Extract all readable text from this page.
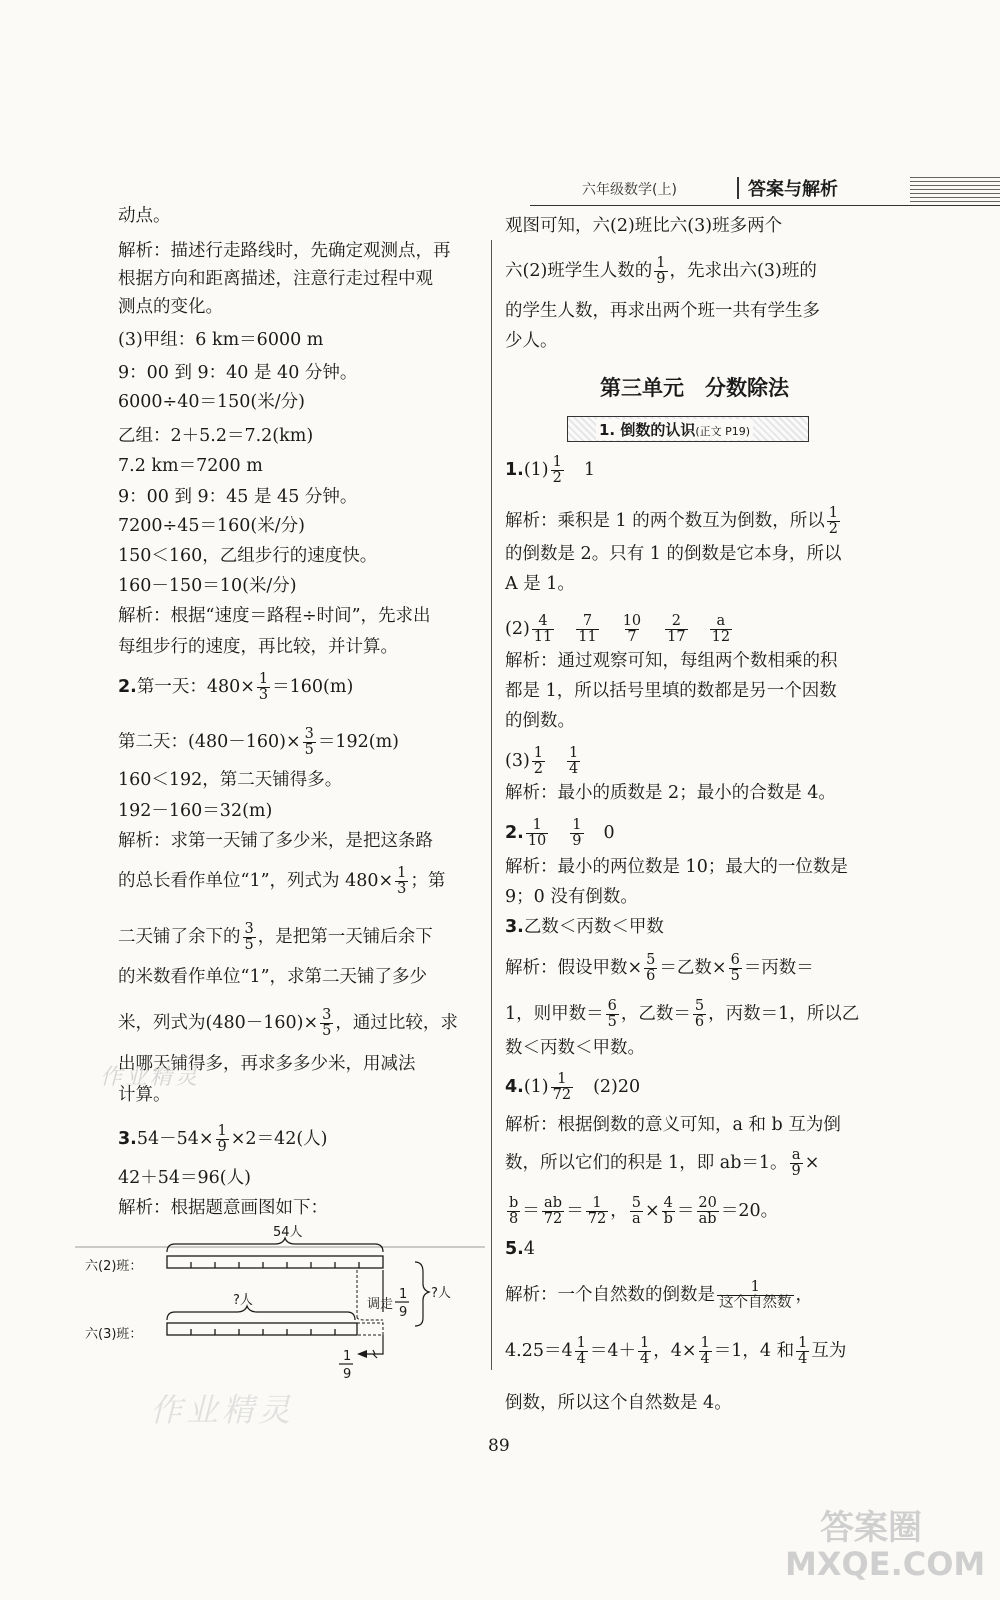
六年级数学(上)	答案与解析
动点。
解析：描述行走路线时，先确定观测点，再
根据方向和距离描述，注意行走过程中观
测点的变化。
(3)甲组：6 km＝6000 m
9：00 到 9：40 是 40 分钟。
6000÷40＝150(米/分)
乙组：2＋5.2＝7.2(km)
7.2 km＝7200 m
9：00 到 9：45 是 45 分钟。
7200÷45＝160(米/分)
150＜160，乙组步行的速度快。
160－150＝10(米/分)
解析：根据“速度＝路程÷时间”，先求出
每组步行的速度，再比较，并计算。
2.第一天：$480\times \frac{1}{3} =160(m)$
第二天：$(480-160)\times \frac{3}{5} =192(m)$
160＜192，第二天铺得多。
192－160＝32(m)
解析：求第一天铺了多少米，是把这条路
的总长看作单位“1”，列式为 $480\times \frac{1}{3}$ ；第
二天铺了余下的 $\frac{3}{5}$ ，是把第一天铺后余下
的米数看作单位“1”，求第二天铺了多少
米，列式为$(480-160)\times \frac{3}{5}$ ，通过比较，求
出哪天铺得多，再求多多少米，用减法
计算。
$3.54-54\times \frac{1}{9} \times 2=42$(人)
42＋54＝96(人)
解析：根据题意画图如下：
六(2)班：
六(3)班：
54人
?人	调走
1
9
?人
1
9
观图可知，六(2)班比六(3)班多两个
六(2)班学生人数的 $\frac{1}{9}$ ，先求出六(3)班的
的学生人数，再求出两个班一共有学生多
少人。
第三单元　分数除法
1. 倒数的认识(正文 P19)
$1.(1) \frac{1}{2} 1$
解析：乘积是 1 的两个数互为倒数，所以 $\frac{1}{2}$
的倒数是 2。只有 1 的倒数是它本身，所以
A 是 1。
$(2) \frac{4}{11} \frac{7}{11} \frac{10}{7} \frac{2}{17} \frac{a}{12}$
解析：通过观察可知，每组两个数相乘的积
都是 1，所以括号里填的数都是另一个因数
的倒数。
$(3) \frac{1}{2} \frac{1}{4}$
解析：最小的质数是 2；最小的合数是 4。
2. $\frac{1}{10} \frac{1}{9} 0$
解析：最小的两位数是 10；最大的一位数是
9；0 没有倒数。
3.乙数＜丙数＜甲数
解析：假设甲数× $\frac{5}{6}$ ＝乙数× $\frac{6}{5}$ ＝丙数＝
1，则甲数＝ $\frac{6}{5}$ ，乙数＝ $\frac{5}{6}$ ，丙数＝1，所以乙
数＜丙数＜甲数。
$4.(1) \frac{1}{72} (2)20$
解析：根据倒数的意义可知，a 和 b 互为倒
数，所以它们的积是 1，即 ab＝1。 $\frac{a}{9}$ ×
$\frac{b}{8} = \frac{ab}{72} = \frac{1}{72}$ ， $\frac{5}{a} \times \frac{4}{b} = \frac{20}{ab} =20$。
5.4
解析：一个自然数的倒数是 1
这个自然数 ，
$4.25=4 \frac{1}{4} =4+ \frac{1}{4}$ ，$4\times \frac{1}{4} =1$，4 和 $\frac{1}{4}$ 互为
倒数，所以这个自然数是 4。
89
作业精灵
作业精灵
答案圈
MXQE.COM
